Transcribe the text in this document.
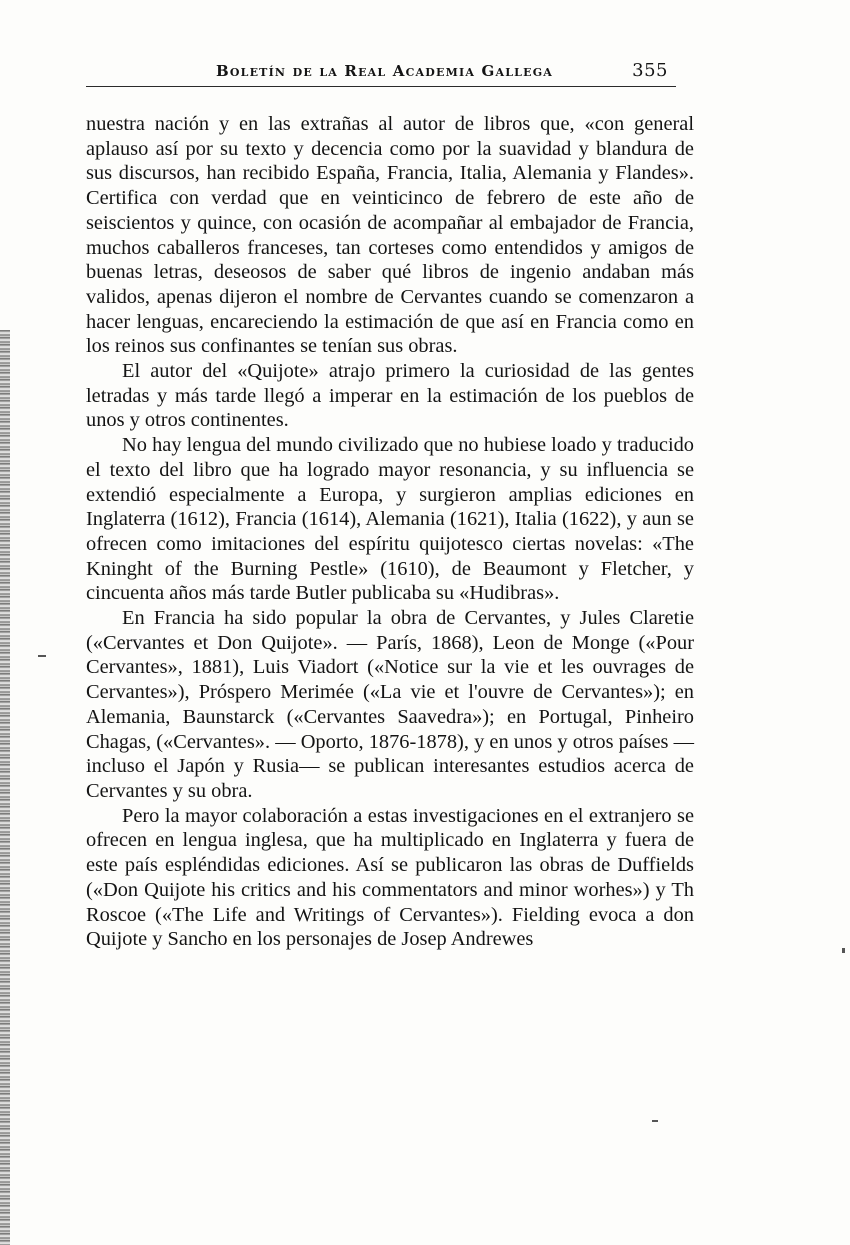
Boletín de la Real Academia Gallega	355

nuestra nación y en las extrañas al autor de libros que, «con general aplauso así por su texto y decencia como por la suavidad y blandura de sus discursos, han recibido España, Francia, Italia, Alemania y Flandes». Certifica con verdad que en veinticinco de febrero de este año de seiscientos y quince, con ocasión de acompañar al embajador de Francia, muchos caballeros franceses, tan corteses como entendidos y amigos de buenas letras, deseosos de saber qué libros de ingenio andaban más validos, apenas dijeron el nombre de Cervantes cuando se comenzaron a hacer lenguas, encareciendo la estimación de que así en Francia como en los reinos sus confinantes se tenían sus obras.

El autor del «Quijote» atrajo primero la curiosidad de las gentes letradas y más tarde llegó a imperar en la estimación de los pueblos de unos y otros continentes.

No hay lengua del mundo civilizado que no hubiese loado y traducido el texto del libro que ha logrado mayor resonancia, y su influencia se extendió especialmente a Europa, y surgieron amplias ediciones en Inglaterra (1612), Francia (1614), Alemania (1621), Italia (1622), y aun se ofrecen como imitaciones del espíritu quijotesco ciertas novelas: «The Kninght of the Burning Pestle» (1610), de Beaumont y Fletcher, y cincuenta años más tarde Butler publicaba su «Hudibras».

En Francia ha sido popular la obra de Cervantes, y Jules Claretie («Cervantes et Don Quijote». — París, 1868), Leon de Monge («Pour Cervantes», 1881), Luis Viadort («Notice sur la vie et les ouvrages de Cervantes»), Próspero Merimée («La vie et l'ouvre de Cervantes»); en Alemania, Baunstarck («Cervantes Saavedra»); en Portugal, Pinheiro Chagas, («Cervantes». — Oporto, 1876-1878), y en unos y otros países —incluso el Japón y Rusia— se publican interesantes estudios acerca de Cervantes y su obra.

Pero la mayor colaboración a estas investigaciones en el extranjero se ofrecen en lengua inglesa, que ha multiplicado en Inglaterra y fuera de este país espléndidas ediciones. Así se publicaron las obras de Duffields («Don Quijote his critics and his commentators and minor worhes») y Th Roscoe («The Life and Writings of Cervantes»). Fielding evoca a don Quijote y Sancho en los personajes de Josep Andrewes
